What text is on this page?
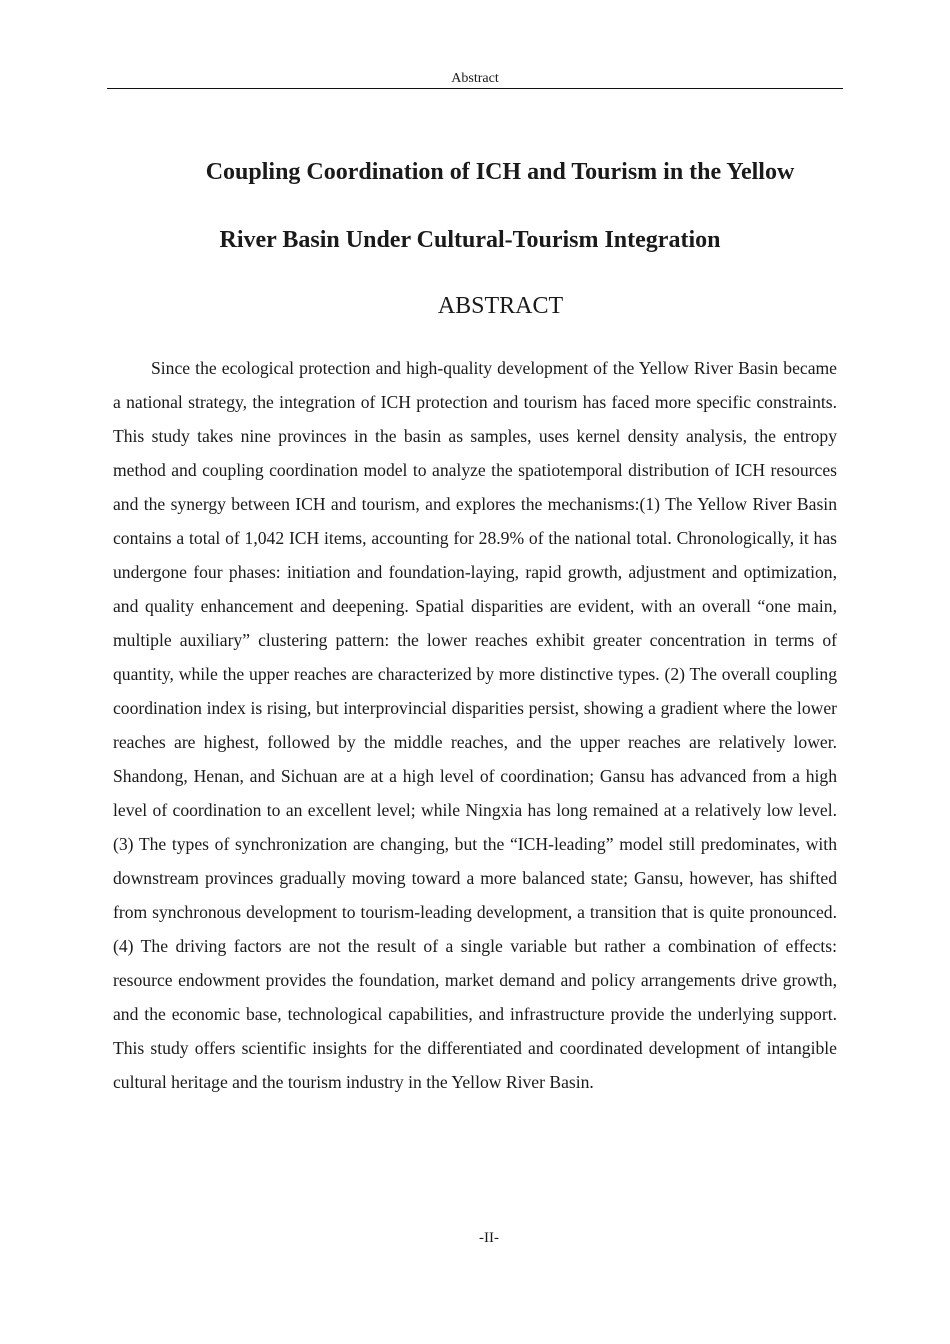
Abstract
Coupling Coordination of ICH and Tourism in the Yellow
River Basin Under Cultural-Tourism Integration
ABSTRACT

Since the ecological protection and high-quality development of the Yellow River Basin became a national strategy, the integration of ICH protection and tourism has faced more specific constraints. This study takes nine provinces in the basin as samples, uses kernel density analysis, the entropy method and coupling coordination model to analyze the spatiotemporal distribution of ICH resources and the synergy between ICH and tourism, and explores the mechanisms:(1) The Yellow River Basin contains a total of 1,042 ICH items, accounting for 28.9% of the national total. Chronologically, it has undergone four phases: initiation and foundation-laying, rapid growth, adjustment and optimization, and quality enhancement and deepening. Spatial disparities are evident, with an overall “one main, multiple auxiliary” clustering pattern: the lower reaches exhibit greater concentration in terms of quantity, while the upper reaches are characterized by more distinctive types. (2) The overall coupling coordination index is rising, but interprovincial disparities persist, showing a gradient where the lower reaches are highest, followed by the middle reaches, and the upper reaches are relatively lower. Shandong, Henan, and Sichuan are at a high level of coordination; Gansu has advanced from a high level of coordination to an excellent level; while Ningxia has long remained at a relatively low level. (3) The types of synchronization are changing, but the “ICH-leading” model still predominates, with downstream provinces gradually moving toward a more balanced state; Gansu, however, has shifted from synchronous development to tourism-leading development, a transition that is quite pronounced. (4) The driving factors are not the result of a single variable but rather a combination of effects: resource endowment provides the foundation, market demand and policy arrangements drive growth, and the economic base, technological capabilities, and infrastructure provide the underlying support. This study offers scientific insights for the differentiated and coordinated development of intangible cultural heritage and the tourism industry in the Yellow River Basin.

-II-
